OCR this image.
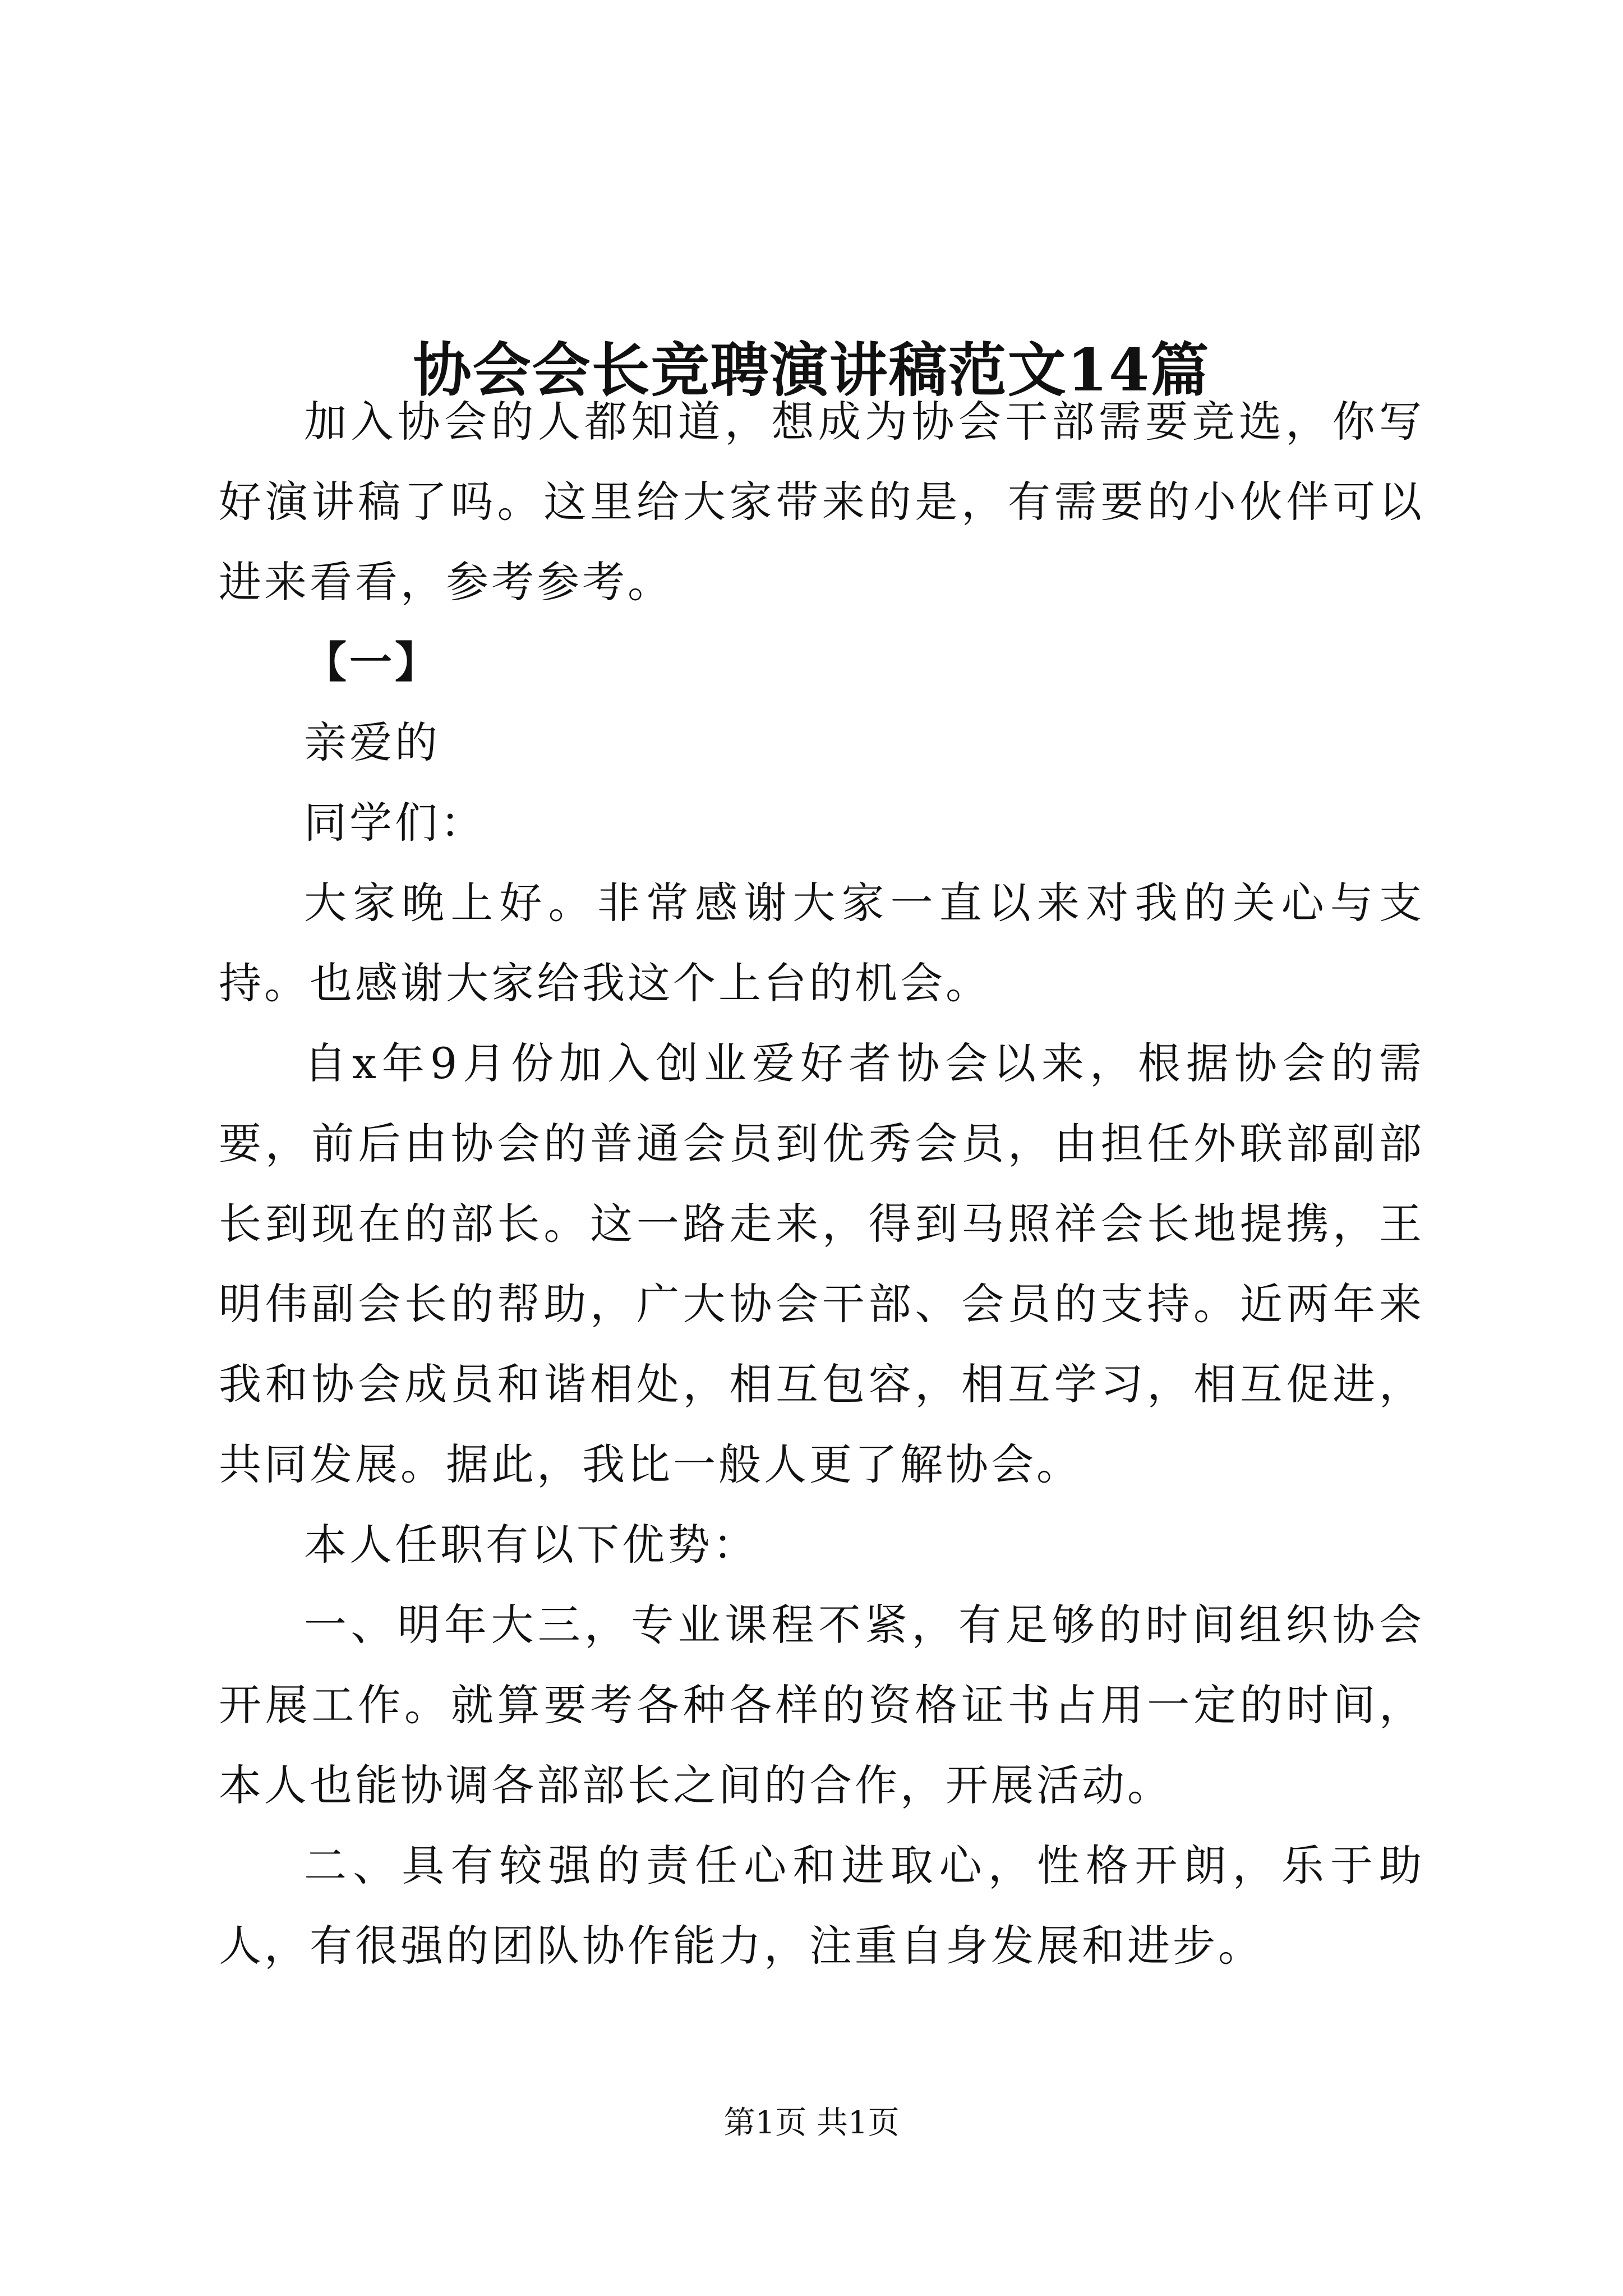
协会会长竞聘演讲稿范文14篇

加入协会的人都知道，想成为协会干部需要竞选，你写好演讲稿了吗。这里给大家带来的是，有需要的小伙伴可以进来看看，参考参考。

【一】

亲爱的

同学们：

大家晚上好。非常感谢大家一直以来对我的关心与支持。也感谢大家给我这个上台的机会。

自x年9月份加入创业爱好者协会以来，根据协会的需要，前后由协会的普通会员到优秀会员，由担任外联部副部长到现在的部长。这一路走来，得到马照祥会长地提携，王明伟副会长的帮助，广大协会干部、会员的支持。近两年来我和协会成员和谐相处，相互包容，相互学习，相互促进，共同发展。据此，我比一般人更了解协会。

本人任职有以下优势：

一、明年大三，专业课程不紧，有足够的时间组织协会开展工作。就算要考各种各样的资格证书占用一定的时间，本人也能协调各部部长之间的合作，开展活动。

二、具有较强的责任心和进取心，性格开朗，乐于助人，有很强的团队协作能力，注重自身发展和进步。

第1页 共1页
